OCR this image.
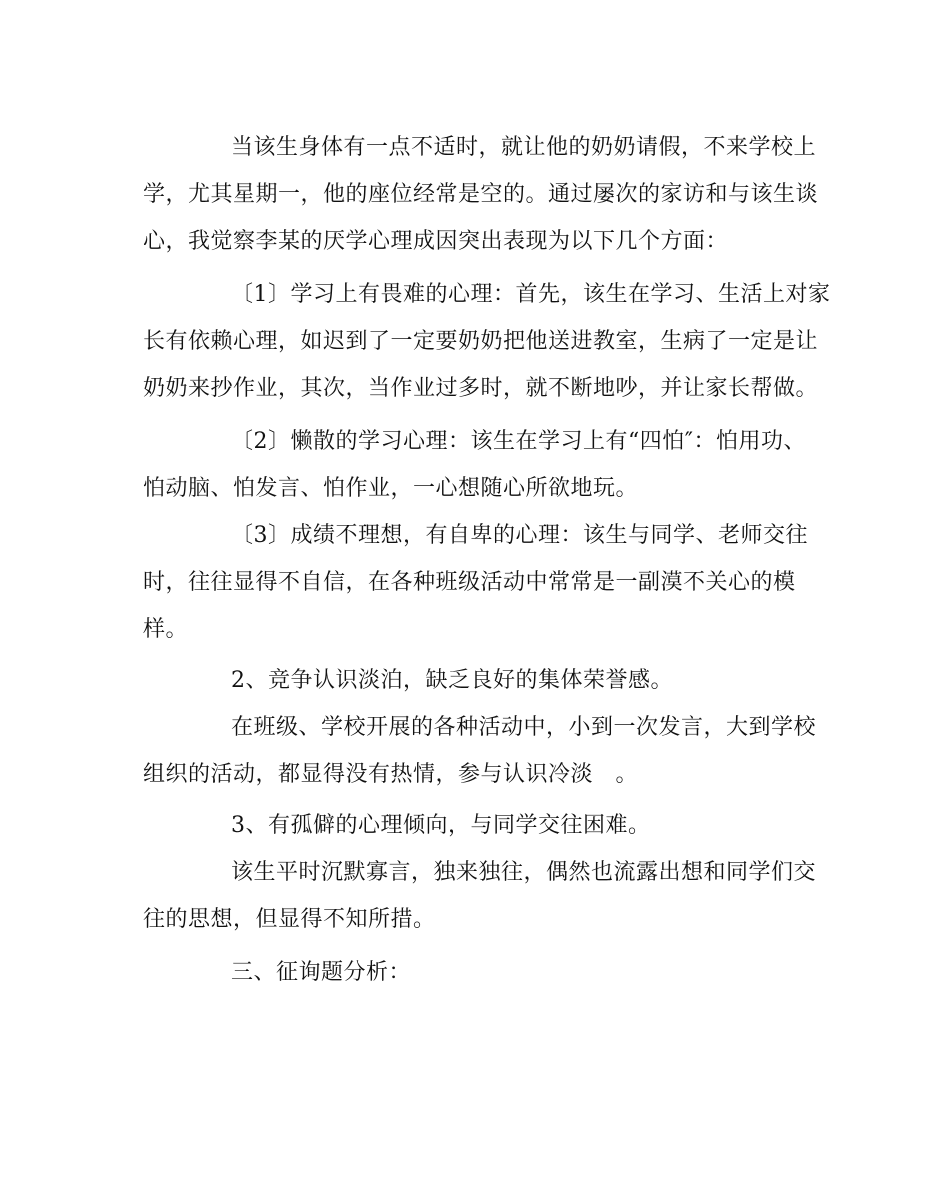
当该生身体有一点不适时，就让他的奶奶请假，不来学校上
学，尤其星期一，他的座位经常是空的。通过屡次的家访和与该生谈
心，我觉察李某的厌学心理成因突出表现为以下几个方面：
〔1〕学习上有畏难的心理：首先，该生在学习、生活上对家
长有依赖心理，如迟到了一定要奶奶把他送进教室，生病了一定是让
奶奶来抄作业，其次，当作业过多时，就不断地吵，并让家长帮做。
〔2〕懒散的学习心理：该生在学习上有“四怕″：怕用功、
怕动脑、怕发言、怕作业，一心想随心所欲地玩。
〔3〕成绩不理想，有自卑的心理：该生与同学、老师交往
时，往往显得不自信，在各种班级活动中常常是一副漠不关心的模
样。
2、竞争认识淡泊，缺乏良好的集体荣誉感。
在班级、学校开展的各种活动中，小到一次发言，大到学校
组织的活动，都显得没有热情，参与认识冷淡　。
3、有孤僻的心理倾向，与同学交往困难。
该生平时沉默寡言，独来独往，偶然也流露出想和同学们交
往的思想，但显得不知所措。
三、征询题分析：
